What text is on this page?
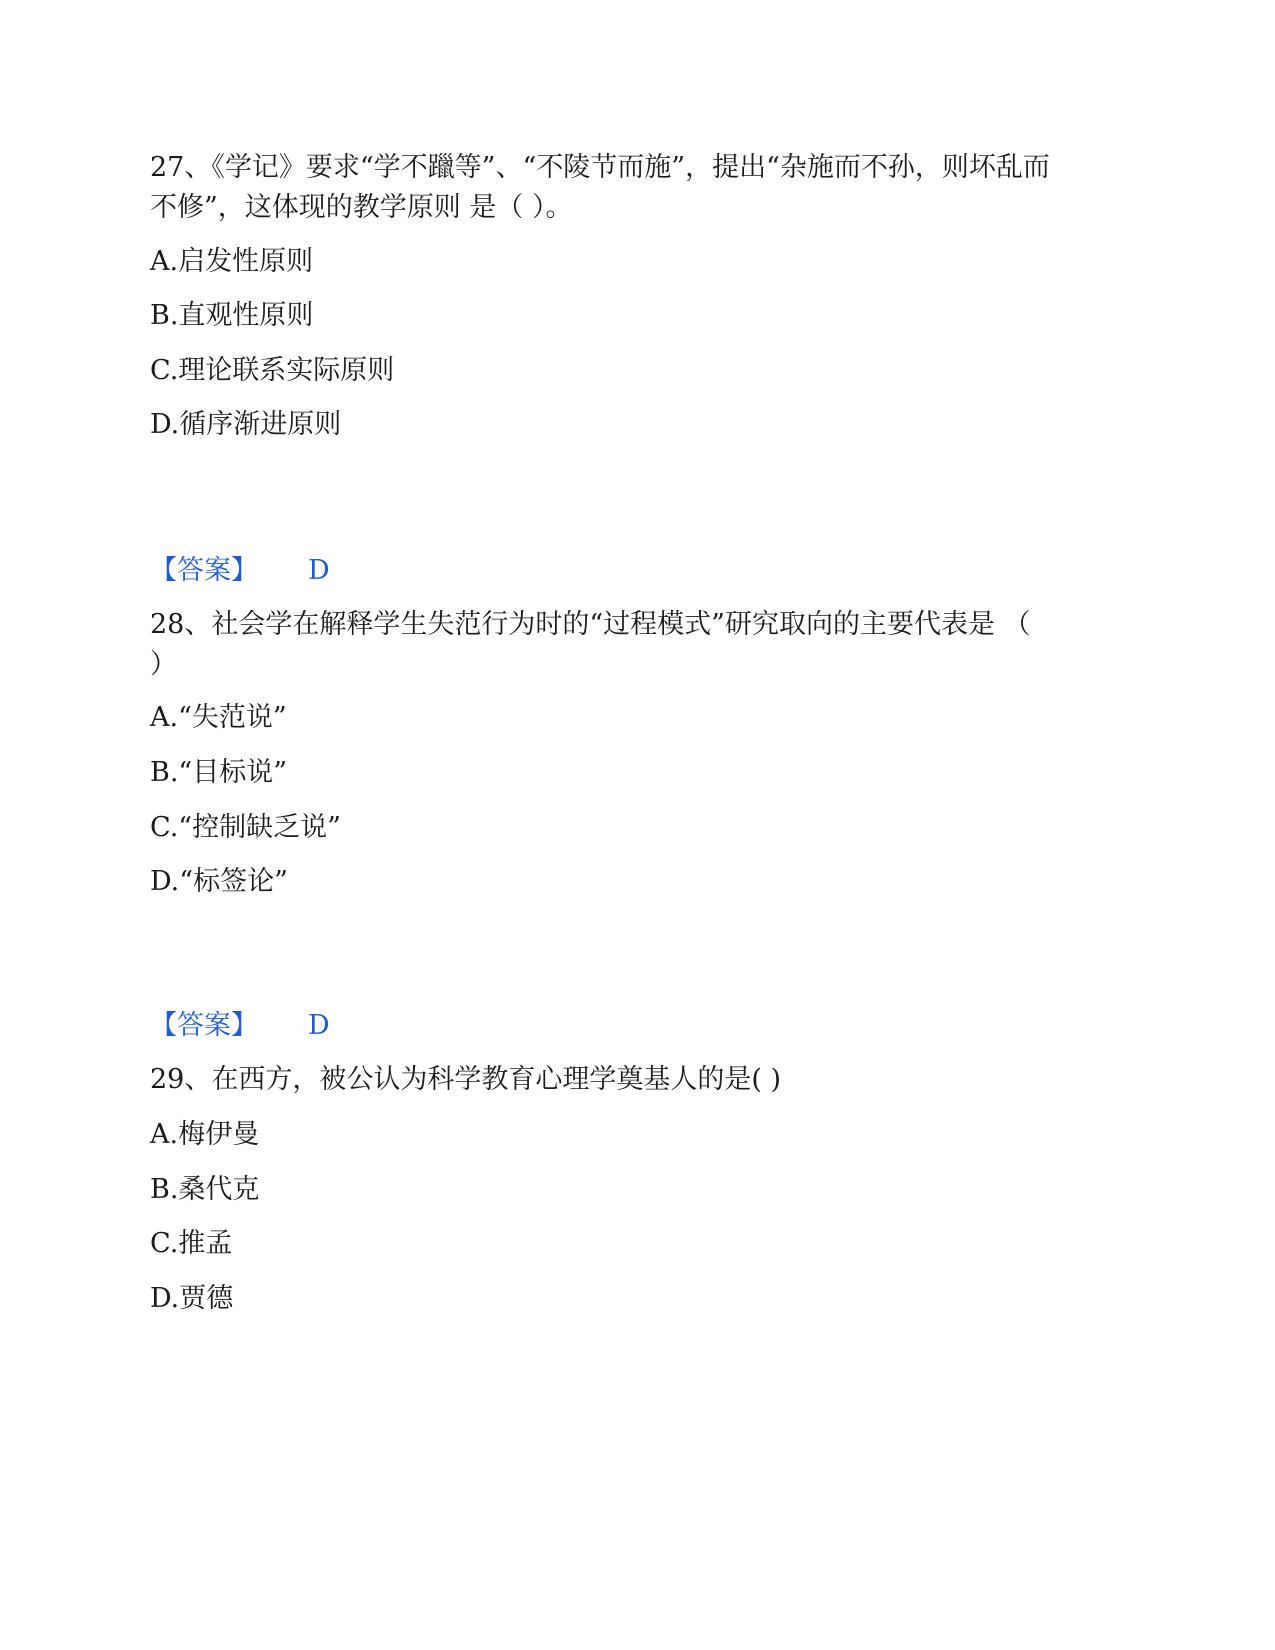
27、《学记》要求“学不躐等”、“不陵节而施”，提出“杂施而不孙，则坏乱而
不修”，这体现的教学原则 是（ ）。
A.启发性原则
B.直观性原则
C.理论联系实际原则
D.循序渐进原则
【答案】 D
28、社会学在解释学生失范行为时的“过程模式”研究取向的主要代表是 （
）
A.“失范说”
B.“目标说”
C.“控制缺乏说”
D.“标签论”
【答案】 D
29、在西方，被公认为科学教育心理学奠基人的是( )
A.梅伊曼
B.桑代克
C.推孟
D.贾德
